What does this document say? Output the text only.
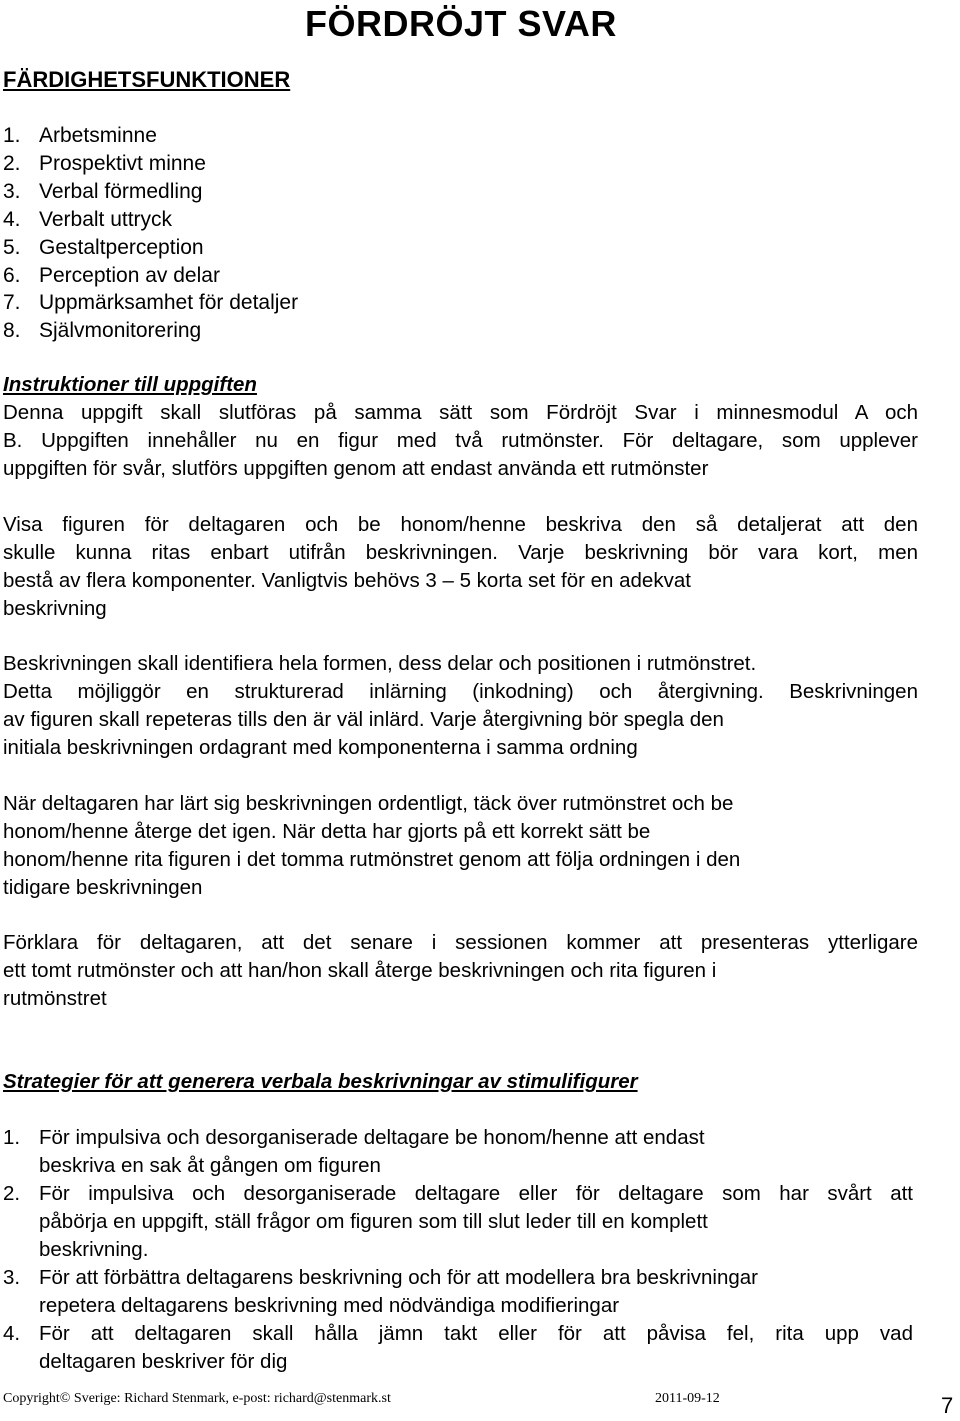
FÖRDRÖJT SVAR
FÄRDIGHETSFUNKTIONER
1. Arbetsminne
2. Prospektivt minne
3. Verbal förmedling
4. Verbalt uttryck
5. Gestaltperception
6. Perception av delar
7. Uppmärksamhet för detaljer
8. Självmonitorering
Instruktioner till uppgiften
Denna uppgift skall slutföras på samma sätt som Fördröjt Svar i minnesmodul A och
B. Uppgiften innehåller nu en figur med två rutmönster. För deltagare, som upplever
uppgiften för svår, slutförs uppgiften genom att endast använda ett rutmönster
Visa figuren för deltagaren och be honom/henne beskriva den så detaljerat att den
skulle kunna ritas enbart utifrån beskrivningen. Varje beskrivning bör vara kort, men
bestå av flera komponenter. Vanligtvis behövs 3 – 5 korta set för en adekvat
beskrivning
Beskrivningen skall identifiera hela formen, dess delar och positionen i rutmönstret.
Detta möjliggör en strukturerad inlärning (inkodning) och återgivning. Beskrivningen
av figuren skall repeteras tills den är väl inlärd. Varje återgivning bör spegla den
initiala beskrivningen ordagrant med komponenterna i samma ordning
När deltagaren har lärt sig beskrivningen ordentligt, täck över rutmönstret och be
honom/henne återge det igen. När detta har gjorts på ett korrekt sätt be
honom/henne rita figuren i det tomma rutmönstret genom att följa ordningen i den
tidigare beskrivningen
Förklara för deltagaren, att det senare i sessionen kommer att presenteras ytterligare
ett tomt rutmönster och att han/hon skall återge beskrivningen och rita figuren i
rutmönstret
Strategier för att generera verbala beskrivningar av stimulifigurer
1. För impulsiva och desorganiserade deltagare be honom/henne att endast
beskriva en sak åt gången om figuren
2. För impulsiva och desorganiserade deltagare eller för deltagare som har svårt att
påbörja en uppgift, ställ frågor om figuren som till slut leder till en komplett
beskrivning.
3. För att förbättra deltagarens beskrivning och för att modellera bra beskrivningar
repetera deltagarens beskrivning med nödvändiga modifieringar
4. För att deltagaren skall hålla jämn takt eller för att påvisa fel, rita upp vad
deltagaren beskriver för dig
Copyright© Sverige: Richard Stenmark, e-post: richard@stenmark.st	2011-09-12	7
